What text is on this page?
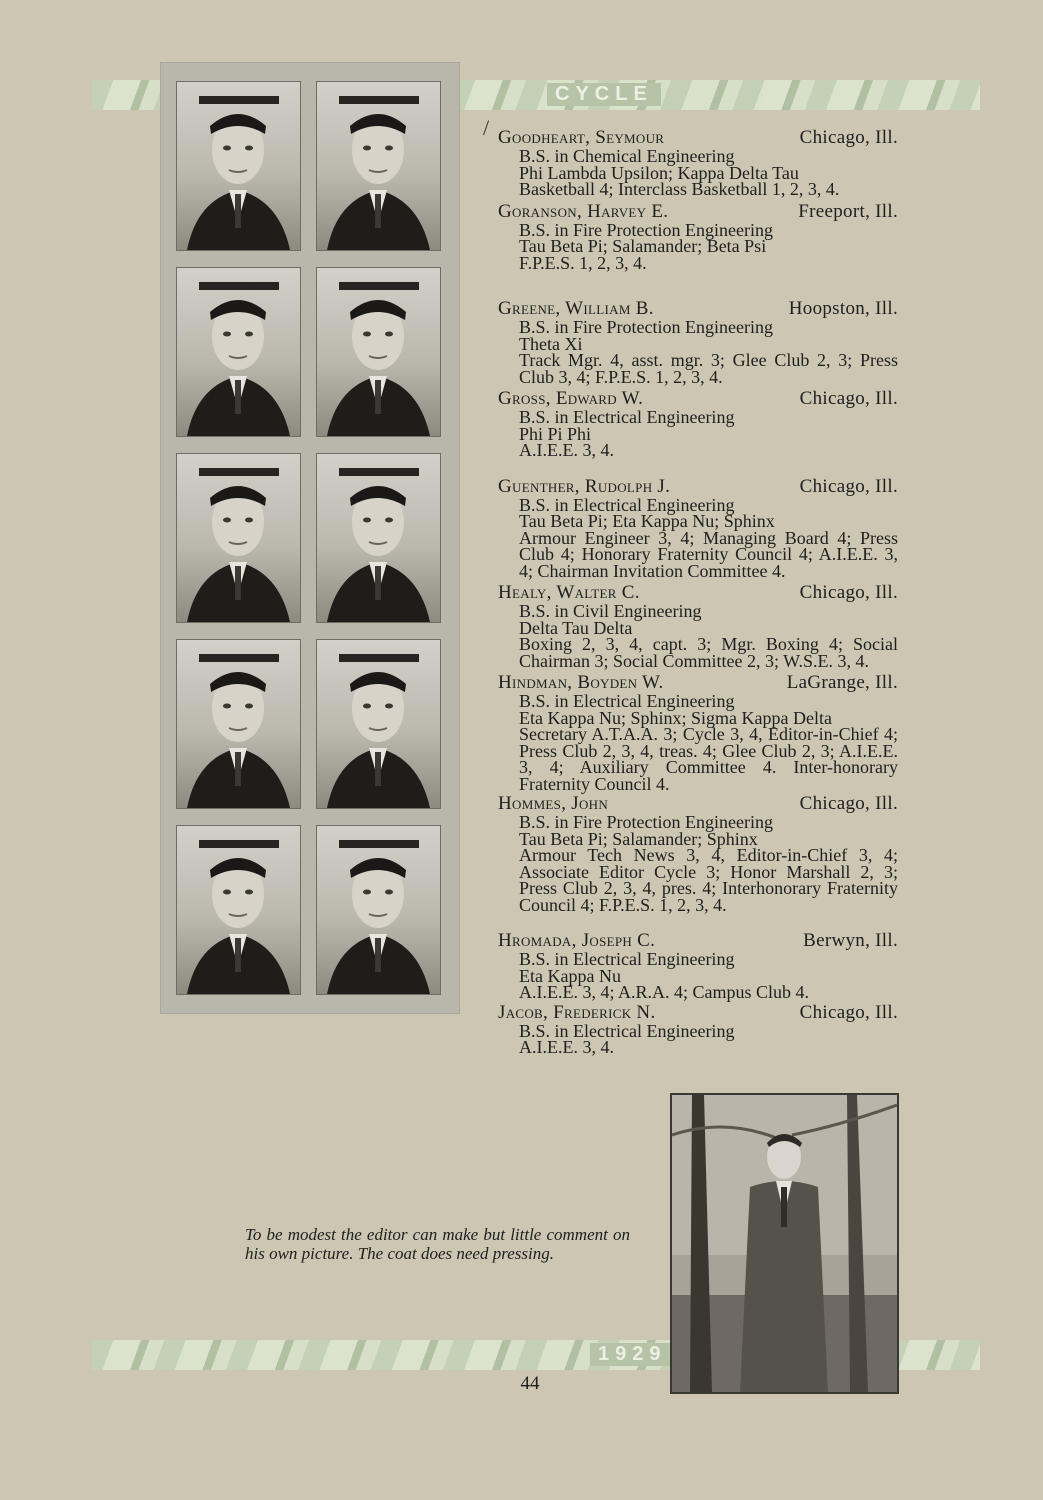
CYCLE
1929
/ Goodheart, Seymour	Chicago, Ill.
B.S. in Chemical Engineering
Phi Lambda Upsilon; Kappa Delta Tau
Basketball 4; Interclass Basketball 1, 2, 3, 4.
Goranson, Harvey E.	Freeport, Ill.
B.S. in Fire Protection Engineering
Tau Beta Pi; Salamander; Beta Psi
F.P.E.S. 1, 2, 3, 4.
Greene, William B.	Hoopston, Ill.
B.S. in Fire Protection Engineering
Theta Xi
Track Mgr. 4, asst. mgr. 3; Glee Club 2, 3; Press Club 3, 4; F.P.E.S. 1, 2, 3, 4.
Gross, Edward W.	Chicago, Ill.
B.S. in Electrical Engineering
Phi Pi Phi
A.I.E.E. 3, 4.
Guenther, Rudolph J.	Chicago, Ill.
B.S. in Electrical Engineering
Tau Beta Pi; Eta Kappa Nu; Sphinx
Armour Engineer 3, 4; Managing Board 4; Press Club 4; Honorary Fraternity Council 4; A.I.E.E. 3, 4; Chairman Invitation Committee 4.
Healy, Walter C.	Chicago, Ill.
B.S. in Civil Engineering
Delta Tau Delta
Boxing 2, 3, 4, capt. 3; Mgr. Boxing 4; Social Chairman 3; Social Committee 2, 3; W.S.E. 3, 4.
Hindman, Boyden W.	LaGrange, Ill.
B.S. in Electrical Engineering
Eta Kappa Nu; Sphinx; Sigma Kappa Delta
Secretary A.T.A.A. 3; Cycle 3, 4, Editor-in-Chief 4; Press Club 2, 3, 4, treas. 4; Glee Club 2, 3; A.I.E.E. 3, 4; Auxiliary Committee 4. Inter-honorary Fraternity Council 4.
Hommes, John	Chicago, Ill.
B.S. in Fire Protection Engineering
Tau Beta Pi; Salamander; Sphinx
Armour Tech News 3, 4, Editor-in-Chief 3, 4; Associate Editor Cycle 3; Honor Marshall 2, 3; Press Club 2, 3, 4, pres. 4; Interhonorary Fraternity Council 4; F.P.E.S. 1, 2, 3, 4.
Hromada, Joseph C.	Berwyn, Ill.
B.S. in Electrical Engineering
Eta Kappa Nu
A.I.E.E. 3, 4; A.R.A. 4; Campus Club 4.
Jacob, Frederick N.	Chicago, Ill.
B.S. in Electrical Engineering
A.I.E.E. 3, 4.
To be modest the editor can make but little comment on his own picture. The coat does need pressing.
44
